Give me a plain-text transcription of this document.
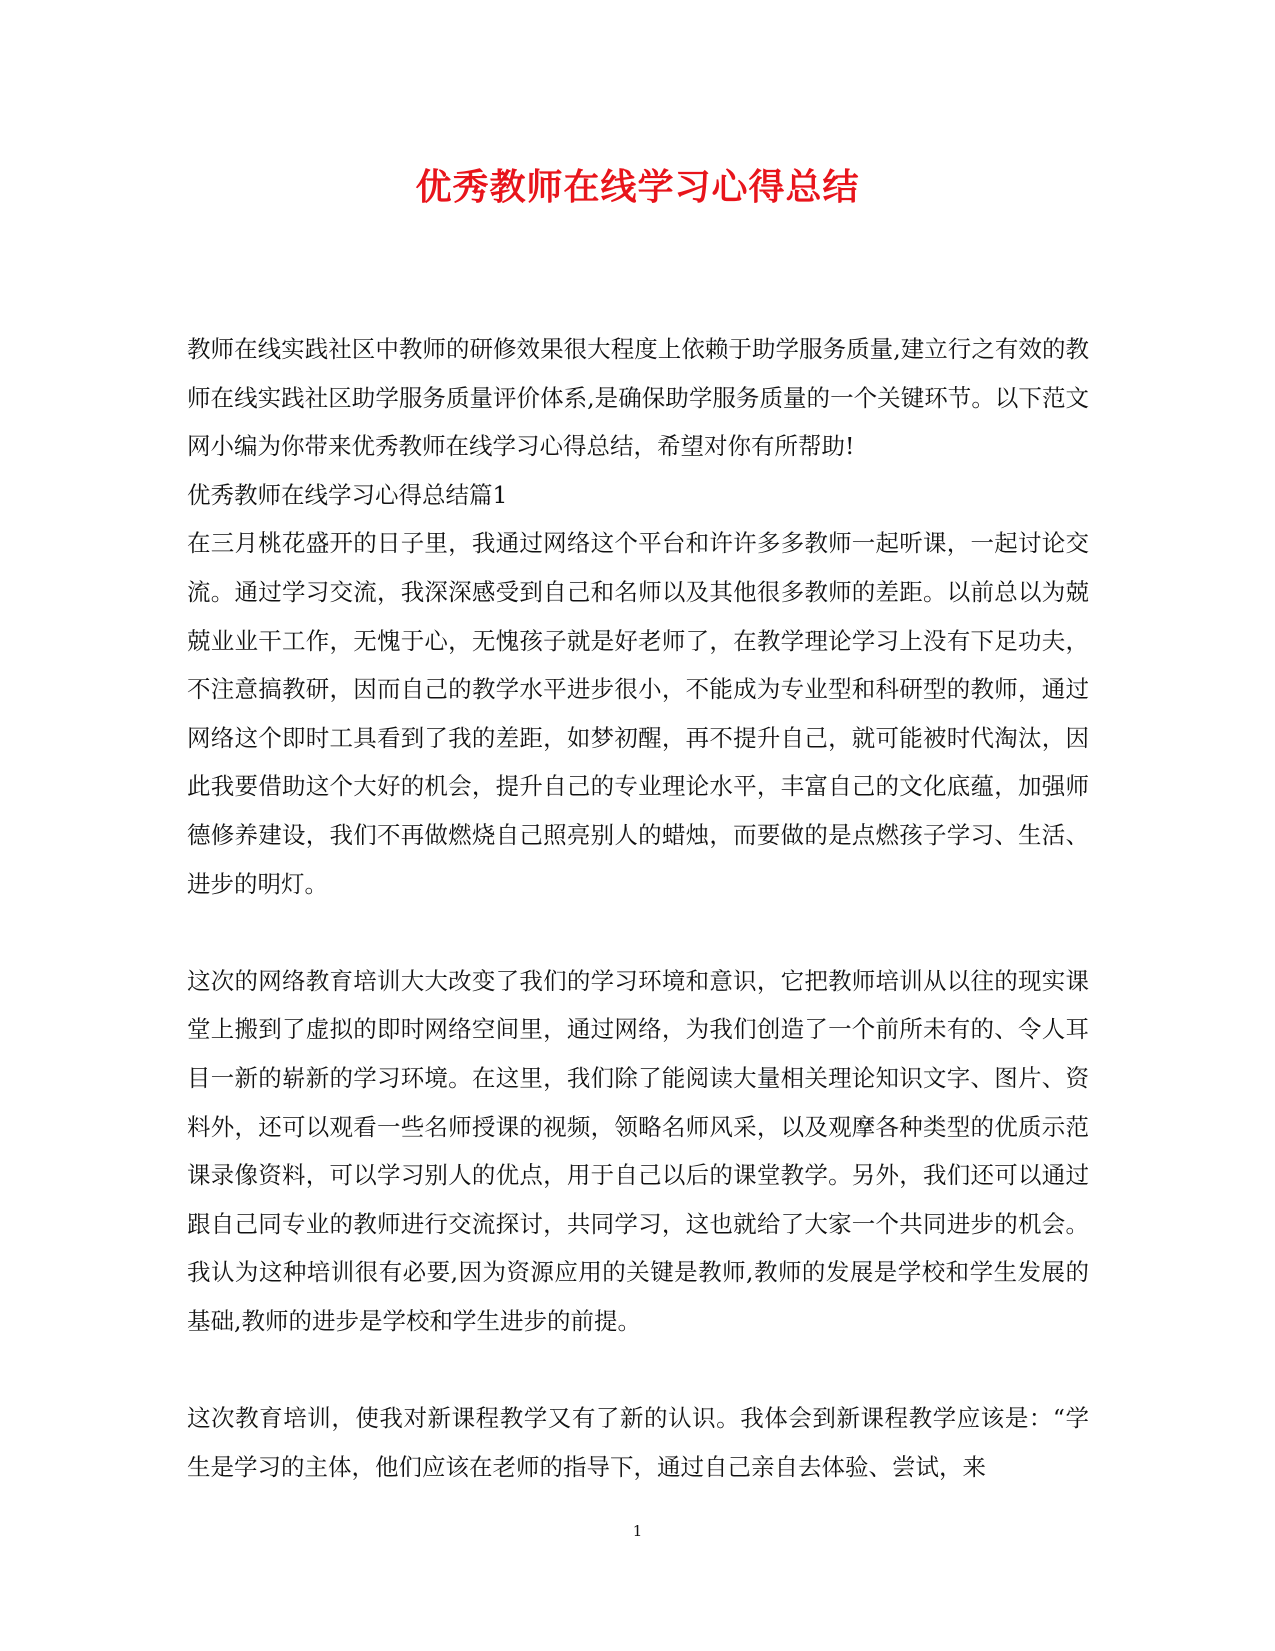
优秀教师在线学习心得总结

教师在线实践社区中教师的研修效果很大程度上依赖于助学服务质量,建立行之有效的教师在线实践社区助学服务质量评价体系,是确保助学服务质量的一个关键环节。以下范文网小编为你带来优秀教师在线学习心得总结，希望对你有所帮助!

优秀教师在线学习心得总结篇1

在三月桃花盛开的日子里，我通过网络这个平台和许许多多教师一起听课，一起讨论交流。通过学习交流，我深深感受到自己和名师以及其他很多教师的差距。以前总以为兢兢业业干工作，无愧于心，无愧孩子就是好老师了，在教学理论学习上没有下足功夫，不注意搞教研，因而自己的教学水平进步很小，不能成为专业型和科研型的教师，通过网络这个即时工具看到了我的差距，如梦初醒，再不提升自己，就可能被时代淘汰，因此我要借助这个大好的机会，提升自己的专业理论水平，丰富自己的文化底蕴，加强师德修养建设，我们不再做燃烧自己照亮别人的蜡烛，而要做的是点燃孩子学习、生活、进步的明灯。

这次的网络教育培训大大改变了我们的学习环境和意识，它把教师培训从以往的现实课堂上搬到了虚拟的即时网络空间里，通过网络，为我们创造了一个前所未有的、令人耳目一新的崭新的学习环境。在这里，我们除了能阅读大量相关理论知识文字、图片、资料外，还可以观看一些名师授课的视频，领略名师风采，以及观摩各种类型的优质示范课录像资料，可以学习别人的优点，用于自己以后的课堂教学。另外，我们还可以通过跟自己同专业的教师进行交流探讨，共同学习，这也就给了大家一个共同进步的机会。我认为这种培训很有必要,因为资源应用的关键是教师,教师的发展是学校和学生发展的基础,教师的进步是学校和学生进步的前提。

这次教育培训，使我对新课程教学又有了新的认识。我体会到新课程教学应该是：“学生是学习的主体，他们应该在老师的指导下，通过自己亲自去体验、尝试，来

1
